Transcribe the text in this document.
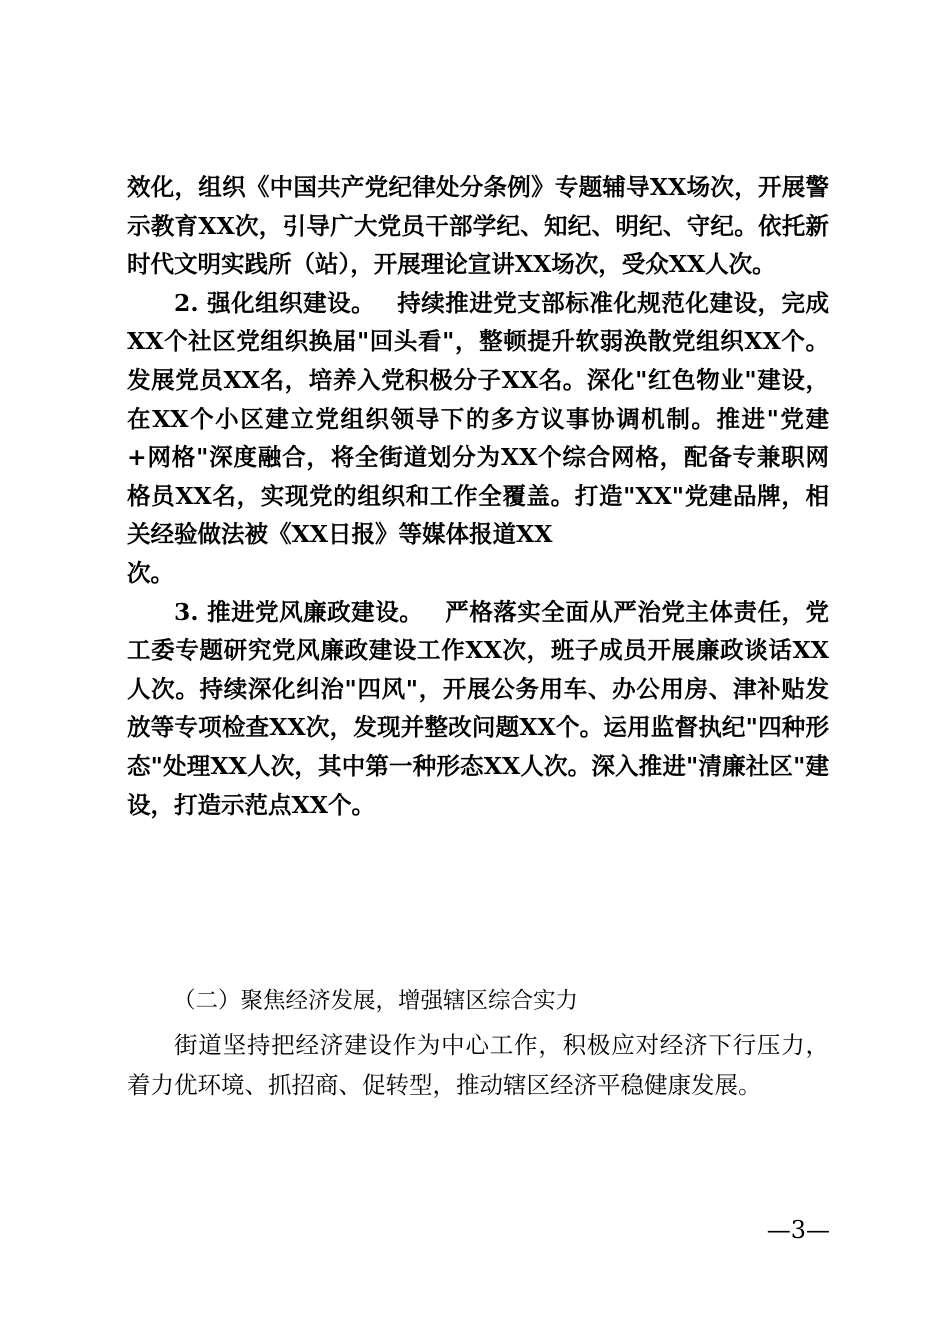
效化，组织《中国共产党纪律处分条例》专题辅导XX场次，开展警示教育XX次，引导广大党员干部学纪、知纪、明纪、守纪。依托新时代文明实践所（站），开展理论宣讲XX场次，受众XX人次。

2. 强化组织建设。 持续推进党支部标准化规范化建设，完成XX个社区党组织换届"回头看"，整顿提升软弱涣散党组织XX个。发展党员XX名，培养入党积极分子XX名。深化"红色物业"建设，在XX个小区建立党组织领导下的多方议事协调机制。推进"党建+网格"深度融合，将全街道划分为XX个综合网格，配备专兼职网格员XX名，实现党的组织和工作全覆盖。打造"XX"党建品牌，相关经验做法被《XX日报》等媒体报道XX

次。

3. 推进党风廉政建设。 严格落实全面从严治党主体责任，党工委专题研究党风廉政建设工作XX次，班子成员开展廉政谈话XX人次。持续深化纠治"四风"，开展公务用车、办公用房、津补贴发放等专项检查XX次，发现并整改问题XX个。运用监督执纪"四种形态"处理XX人次，其中第一种形态XX人次。深入推进"清廉社区"建设，打造示范点XX个。

（二）聚焦经济发展，增强辖区综合实力

街道坚持把经济建设作为中心工作，积极应对经济下行压力，着力优环境、抓招商、促转型，推动辖区经济平稳健康发展。

—3—
